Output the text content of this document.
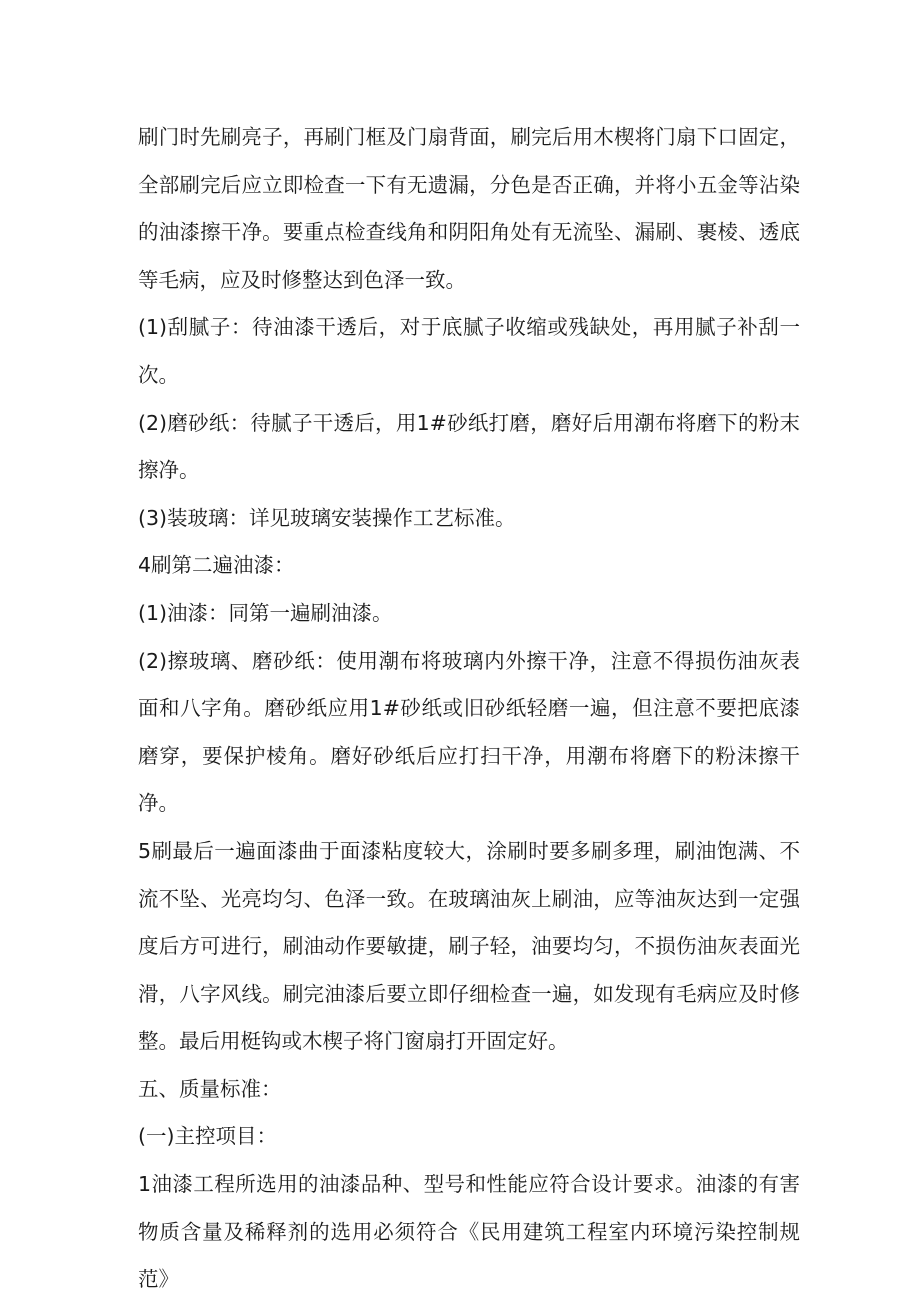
刷门时先刷亮子，再刷门框及门扇背面，刷完后用木楔将门扇下口固定，全部刷完后应立即检查一下有无遗漏，分色是否正确，并将小五金等沾染的油漆擦干净。要重点检查线角和阴阳角处有无流坠、漏刷、裹棱、透底等毛病，应及时修整达到色泽一致。

(1)刮腻子：待油漆干透后，对于底腻子收缩或残缺处，再用腻子补刮一次。

(2)磨砂纸：待腻子干透后，用1#砂纸打磨，磨好后用潮布将磨下的粉末擦净。

(3)装玻璃：详见玻璃安装操作工艺标准。

4刷第二遍油漆：

(1)油漆：同第一遍刷油漆。

(2)擦玻璃、磨砂纸：使用潮布将玻璃内外擦干净，注意不得损伤油灰表面和八字角。磨砂纸应用1#砂纸或旧砂纸轻磨一遍，但注意不要把底漆磨穿，要保护棱角。磨好砂纸后应打扫干净，用潮布将磨下的粉沫擦干净。

5刷最后一遍面漆曲于面漆粘度较大，涂刷时要多刷多理，刷油饱满、不流不坠、光亮均匀、色泽一致。在玻璃油灰上刷油，应等油灰达到一定强度后方可进行，刷油动作要敏捷，刷子轻，油要均匀，不损伤油灰表面光滑，八字风线。刷完油漆后要立即仔细检查一遍，如发现有毛病应及时修整。最后用梃钩或木楔子将门窗扇打开固定好。

五、质量标准：

(一)主控项目：

1油漆工程所选用的油漆品种、型号和性能应符合设计要求。油漆的有害物质含量及稀释剂的选用必须符合《民用建筑工程室内环境污染控制规范》
